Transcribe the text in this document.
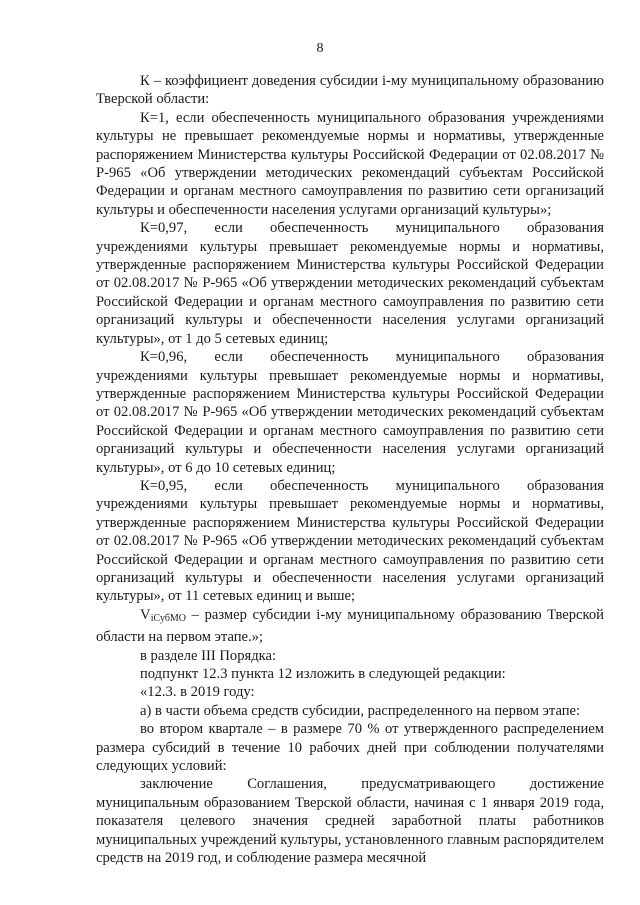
8

К – коэффициент доведения субсидии i-му муниципальному образованию Тверской области:

К=1, если обеспеченность муниципального образования учреждениями культуры не превышает рекомендуемые нормы и нормативы, утвержденные распоряжением Министерства культуры Российской Федерации от 02.08.2017 № Р-965 «Об утверждении методических рекомендаций субъектам Российской Федерации и органам местного самоуправления по развитию сети организаций культуры и обеспеченности населения услугами организаций культуры»;

К=0,97, если обеспеченность муниципального образования учреждениями культуры превышает рекомендуемые нормы и нормативы, утвержденные распоряжением Министерства культуры Российской Федерации от 02.08.2017 № Р-965 «Об утверждении методических рекомендаций субъектам Российской Федерации и органам местного самоуправления по развитию сети организаций культуры и обеспеченности населения услугами организаций культуры», от 1 до 5 сетевых единиц;

К=0,96, если обеспеченность муниципального образования учреждениями культуры превышает рекомендуемые нормы и нормативы, утвержденные распоряжением Министерства культуры Российской Федерации от 02.08.2017 № Р-965 «Об утверждении методических рекомендаций субъектам Российской Федерации и органам местного самоуправления по развитию сети организаций культуры и обеспеченности населения услугами организаций культуры», от 6 до 10 сетевых единиц;

К=0,95, если обеспеченность муниципального образования учреждениями культуры превышает рекомендуемые нормы и нормативы, утвержденные распоряжением Министерства культуры Российской Федерации от 02.08.2017 № Р-965 «Об утверждении методических рекомендаций субъектам Российской Федерации и органам местного самоуправления по развитию сети организаций культуры и обеспеченности населения услугами организаций культуры», от 11 сетевых единиц и выше;

$V_{iСубМО}$ – размер субсидии i-му муниципальному образованию Тверской области на первом этапе.»;

в разделе III Порядка:

подпункт 12.3 пункта 12 изложить в следующей редакции:

«12.3. в 2019 году:

а) в части объема средств субсидии, распределенного на первом этапе:

во втором квартале – в размере 70 % от утвержденного распределением размера субсидий в течение 10 рабочих дней при соблюдении получателями следующих условий:

заключение Соглашения, предусматривающего достижение муниципальным образованием Тверской области, начиная с 1 января 2019 года, показателя целевого значения средней заработной платы работников муниципальных учреждений культуры, установленного главным распорядителем средств на 2019 год, и соблюдение размера месячной
